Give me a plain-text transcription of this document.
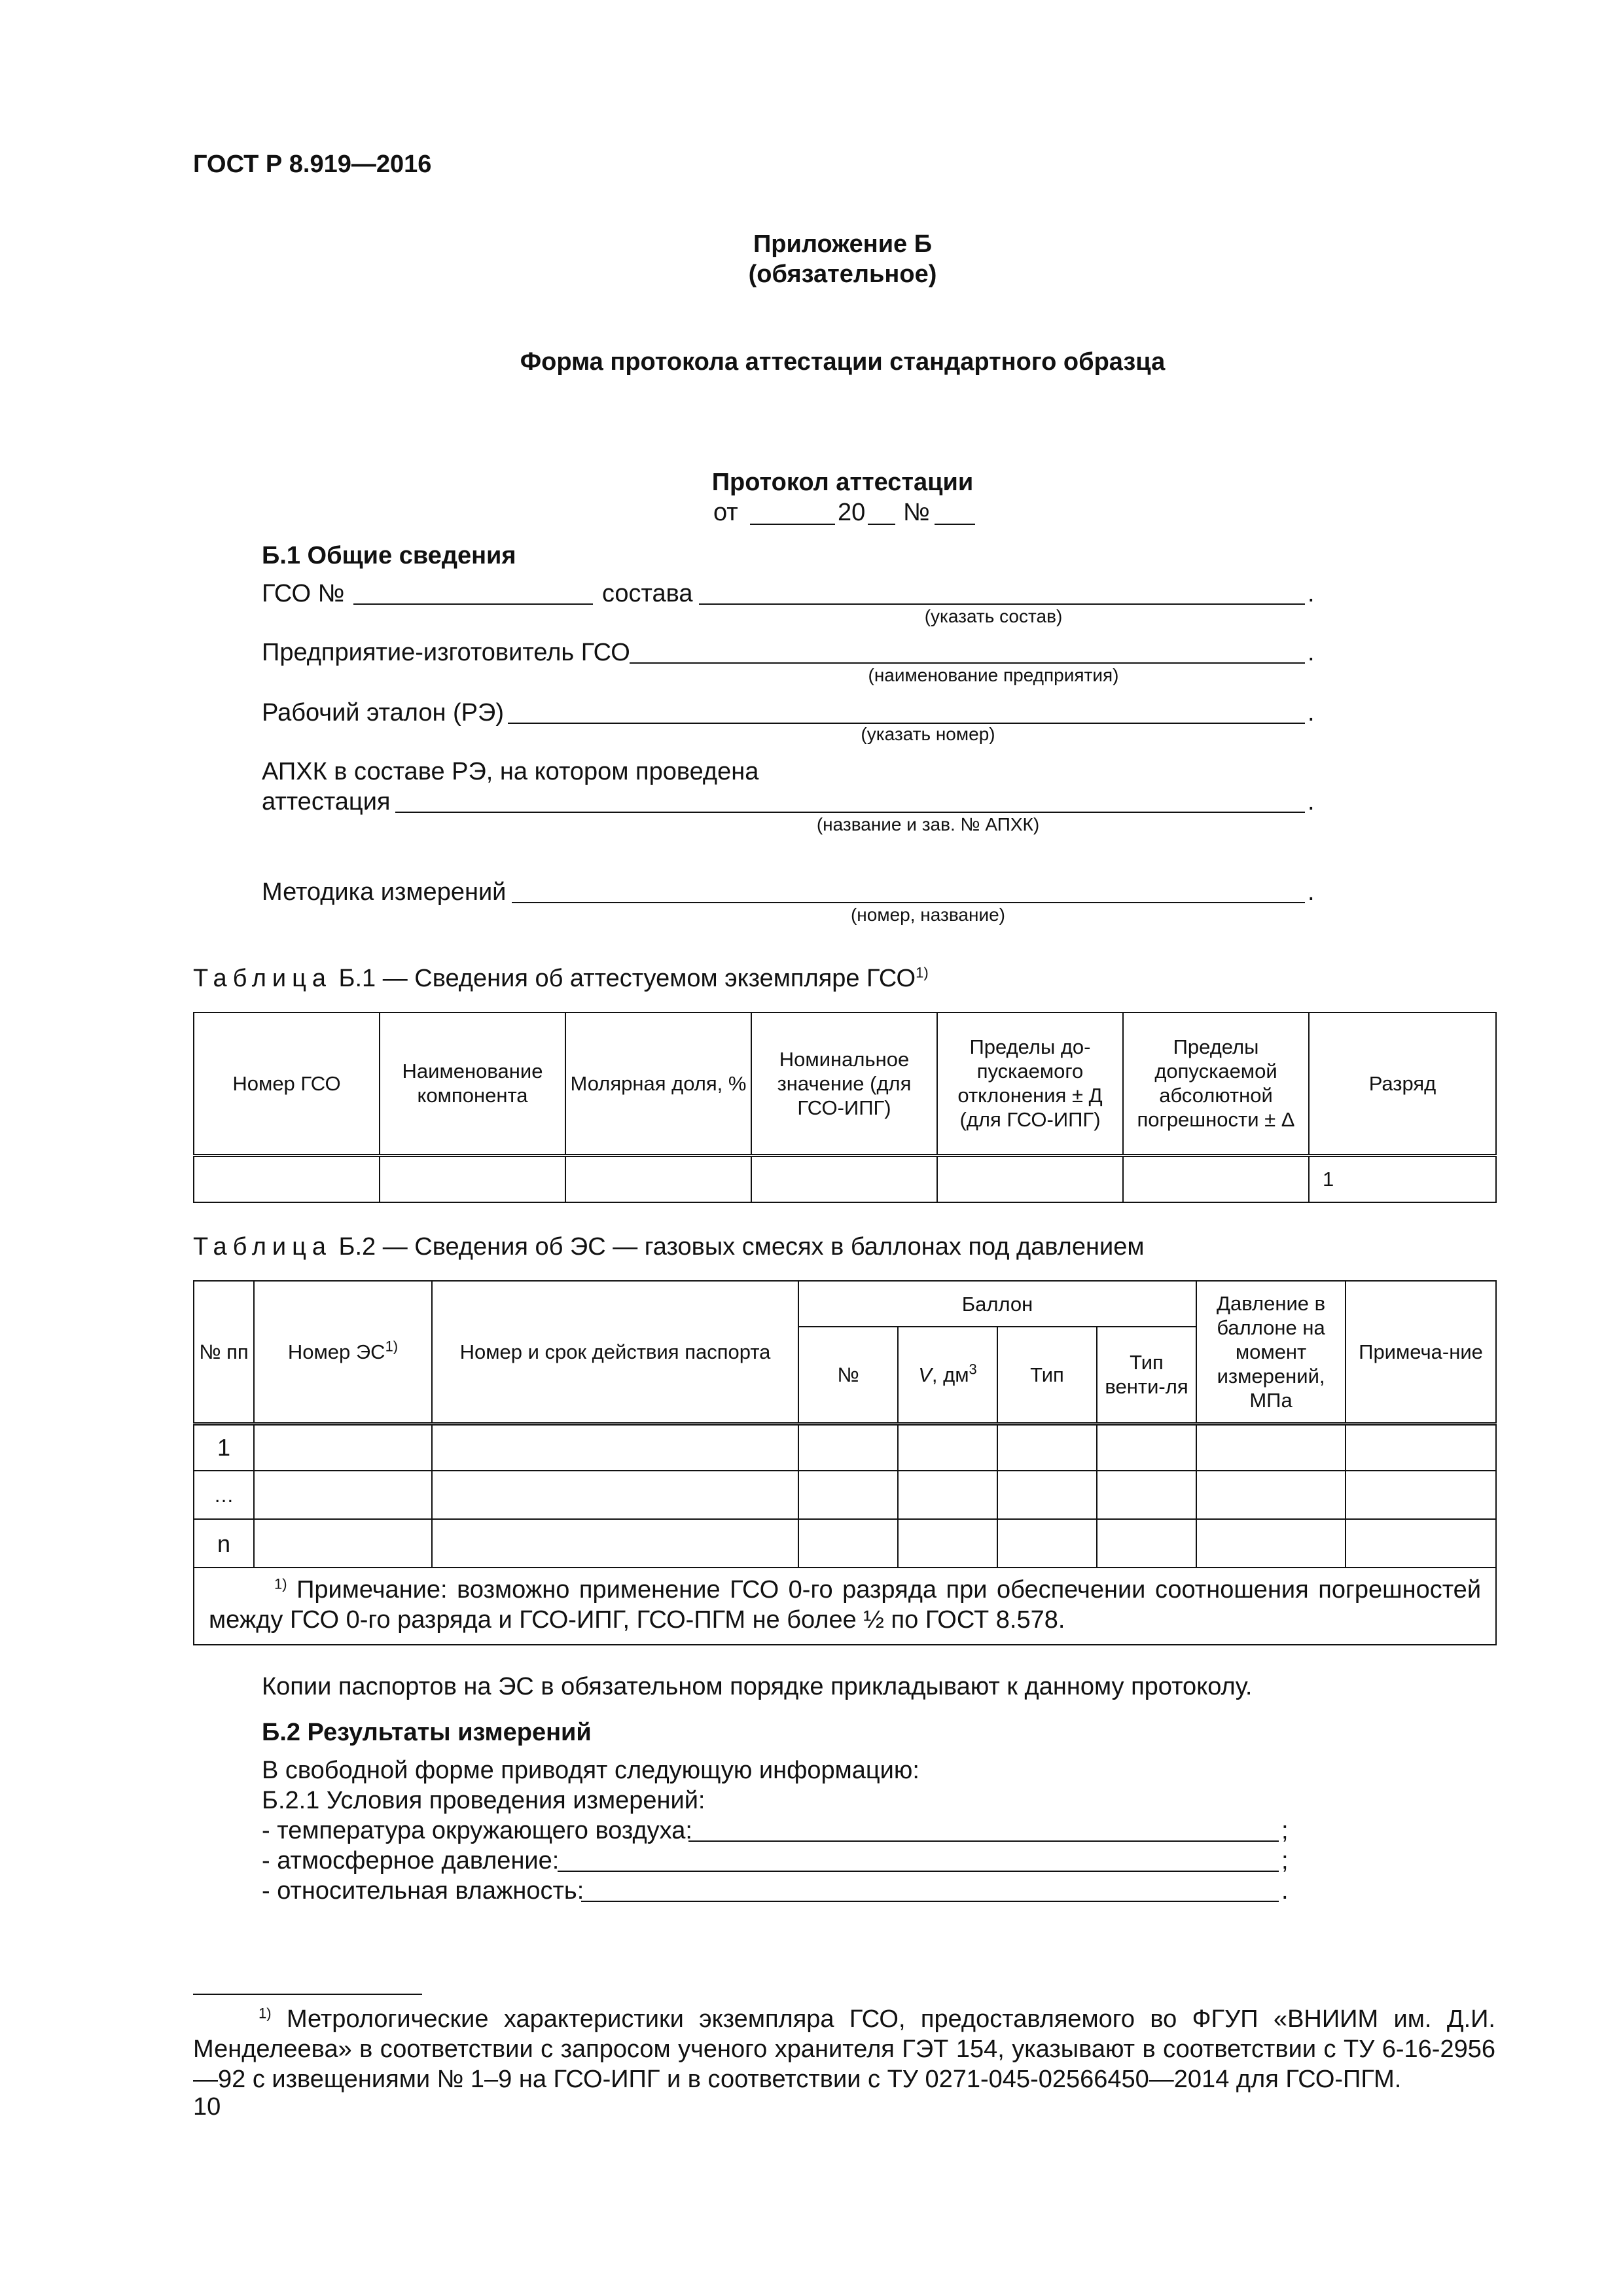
ГОСТ Р 8.919—2016
Приложение Б
(обязательное)
Форма протокола аттестации стандартного образца
Протокол аттестации
от	20 №
Б.1 Общие сведения
ГСО №	состава	.
(указать состав)
Предприятие-изготовитель ГСО	.
(наименование предприятия)
Рабочий эталон (РЭ)	.
(указать номер)
АПХК в составе РЭ, на котором проведена
аттестация	.
(название и зав. № АПХК)
Методика измерений	.
(номер, название)
Таблица Б.1 — Сведения об аттестуемом экземпляре ГСО$^{1)}$
Номер ГСО	Наименование компонента	Молярная доля, %	Номинальное значение (для ГСО-ИПГ)	Пределы до-пускаемого отклонения ± Д (для ГСО-ИПГ)	Пределы допускаемой абсолютной погрешности ± Δ	Разряд
						1
Таблица Б.2 — Сведения об ЭС — газовых смесях в баллонах под давлением
№ пп	Номер ЭС$^{1)}$	Номер и срок действия паспорта	Баллон				Давление в баллоне на момент измерений, МПа	Примеча-ние
			№	V, $дм^3$	Тип	Тип венти-ля		
1								
…								
n								
$^{1)}$ Примечание: возможно применение ГСО 0-го разряда при обеспечении соотношения погрешностей между ГСО 0-го разряда и ГСО-ИПГ, ГСО-ПГМ не более ½ по ГОСТ 8.578.								
Копии паспортов на ЭС в обязательном порядке прикладывают к данному протоколу.
Б.2 Результаты измерений
В свободной форме приводят следующую информацию:
Б.2.1 Условия проведения измерений:
- температура окружающего воздуха:	;
- атмосферное давление:	;
- относительная влажность:	.
$^{1)}$ Метрологические характеристики экземпляра ГСО, предоставляемого во ФГУП «ВНИИМ им. Д.И. Менделеева» в соответствии с запросом ученого хранителя ГЭТ 154, указывают в соответствии с ТУ 6-16-2956—92 с извещениями № 1–9 на ГСО-ИПГ и в соответствии с ТУ 0271-045-02566450—2014 для ГСО-ПГМ.
10
